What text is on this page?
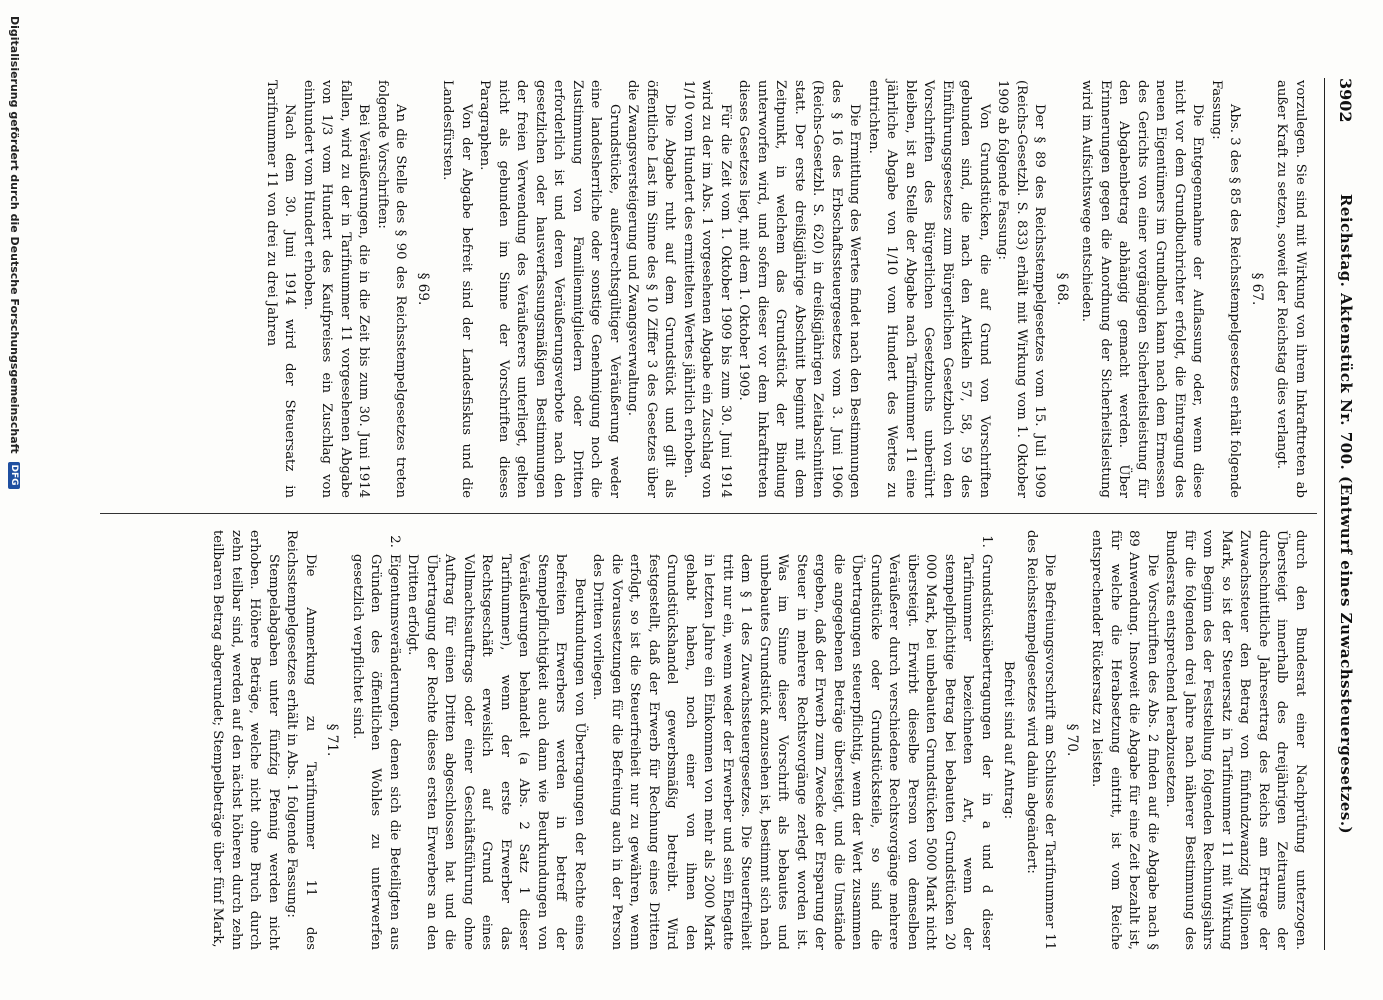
3902
Reichstag. Aktenstück Nr. 700. (Entwurf eines Zuwachssteuergesetzes.)

vorzulegen. Sie sind mit Wirkung von ihrem Inkrafttreten ab außer Kraft zu setzen, soweit der Reichstag dies verlangt.

§ 67.

Abs. 3 des § 85 des Reichsstempelgesetzes erhält folgende Fassung:

Die Entgegennahme der Auflassung oder, wenn diese nicht vor dem Grundbuchrichter erfolgt, die Eintragung des neuen Eigentümers im Grundbuch kann nach dem Ermessen des Gerichts von einer vorgängigen Sicherheitsleistung für den Abgabenbetrag abhängig gemacht werden. Über Erinnerungen gegen die Anordnung der Sicherheitsleistung wird im Aufsichtswege entschieden.

§ 68.

Der § 89 des Reichsstempelgesetzes vom 15. Juli 1909 (Reichs-Gesetzbl. S. 833) erhält mit Wirkung vom 1. Oktober 1909 ab folgende Fassung:

Von Grundstücken, die auf Grund von Vorschriften gebunden sind, die nach den Artikeln 57, 58, 59 des Einführungsgesetzes zum Bürgerlichen Gesetzbuch von den Vorschriften des Bürgerlichen Gesetzbuchs unberührt bleiben, ist an Stelle der Abgabe nach Tarifnummer 11 eine jährliche Abgabe von 1/10 vom Hundert des Wertes zu entrichten.

Die Ermittlung des Wertes findet nach den Bestimmungen des § 16 des Erbschaftssteuergesetzes vom 3. Juni 1906 (Reichs-Gesetzbl. S. 620) in dreißigjährigen Zeitabschnitten statt. Der erste dreißigjährige Abschnitt beginnt mit dem Zeitpunkt, in welchem das Grundstück der Bindung unterworfen wird, und sofern dieser vor dem Inkrafttreten dieses Gesetzes liegt, mit dem 1. Oktober 1909.

Für die Zeit vom 1. Oktober 1909 bis zum 30. Juni 1914 wird zu der im Abs. 1 vorgesehenen Abgabe ein Zuschlag von 1/10 vom Hundert des ermittelten Wertes jährlich erhoben.

Die Abgabe ruht auf dem Grundstück und gilt als öffentliche Last im Sinne des § 10 Ziffer 3 des Gesetzes über die Zwangsversteigerung und Zwangsverwaltung.

Grundstücke, außerrechtsgültiger Veräußerung weder eine landesherrliche oder sonstige Genehmigung noch die Zustimmung von Familienmitgliedern oder Dritten erforderlich ist und deren Veräußerungsverbote nach den gesetzlichen oder hausverfassungsmäßigen Bestimmungen der freien Verwendung des Veräußerers unterliegt, gelten nicht als gebunden im Sinne der Vorschriften dieses Paragraphen.

Von der Abgabe befreit sind der Landesfiskus und die Landesfürsten.

§ 69.

An die Stelle des § 90 des Reichsstempelgesetzes treten folgende Vorschriften:

Bei Veräußerungen, die in die Zeit bis zum 30. Juni 1914 fallen, wird zu der in Tarifnummer 11 vorgesehenen Abgabe von 1/3 vom Hundert des Kaufpreises ein Zuschlag von einhundert vom Hundert erhoben.

Nach dem 30. Juni 1914 wird der Steuersatz in Tarifnummer 11 von drei zu drei Jahren

durch den Bundesrat einer Nachprüfung unterzogen. Übersteigt innerhalb des dreijährigen Zeitraums der durchschnittliche Jahresertrag des Reichs am Ertrage der Zuwachssteuer den Betrag von fünfundzwanzig Millionen Mark, so ist der Steuersatz in Tarifnummer 11 mit Wirkung vom Beginn des der Feststellung folgenden Rechnungsjahrs für die folgenden drei Jahre nach näherer Bestimmung des Bundesrats entsprechend herabzusetzen.

Die Vorschriften des Abs. 2 finden auf die Abgabe nach § 89 Anwendung. Insoweit die Abgabe für eine Zeit bezahlt ist, für welche die Herabsetzung eintritt, ist vom Reiche entsprechender Rückersatz zu leisten.

§ 70.

Die Befreiungsvorschrift am Schlusse der Tarifnummer 11 des Reichsstempelgesetzes wird dahin abgeändert:

Befreit sind auf Antrag:

1. Grundstücksübertragungen der in a und d dieser Tarifnummer bezeichneten Art, wenn der stempelpflichtige Betrag bei bebauten Grundstücken 20 000 Mark, bei unbebauten Grundstücken 5000 Mark nicht übersteigt. Erwirbt dieselbe Person von demselben Veräußerer durch verschiedene Rechtsvorgänge mehrere Grundstücke oder Grundstücksteile, so sind die Übertragungen steuerpflichtig, wenn der Wert zusammen die angegebenen Beträge übersteigt, und die Umstände ergeben, daß der Erwerb zum Zwecke der Ersparung der Steuer in mehrere Rechtsvorgänge zerlegt worden ist. Was im Sinne dieser Vorschrift als bebautes und unbebautes Grundstück anzusehen ist, bestimmt sich nach dem § 1 des Zuwachssteuergesetzes. Die Steuerfreiheit tritt nur ein, wenn weder der Erwerber und sein Ehegatte in letzten Jahre ein Einkommen von mehr als 2000 Mark gehabt haben, noch einer von ihnen den Grundstückshandel gewerbsmäßig betreibt. Wird festgestellt, daß der Erwerb für Rechnung eines Dritten erfolgt, so ist die Steuerfreiheit nur zu gewähren, wenn die Voraussetzungen für die Befreiung auch in der Person des Dritten vorliegen.

Beurkundungen von Übertragungen der Rechte eines befreiten Erwerbers werden in betreff der Stempelpflichtigkeit auch dann wie Beurkundungen von Veräußerungen behandelt (a Abs. 2 Satz 1 dieser Tarifnummer), wenn der erste Erwerber das Rechtsgeschäft erweislich auf Grund eines Vollmachtsauftrags oder einer Geschäftsführung ohne Auftrag für einen Dritten abgeschlossen hat und die Übertragung der Rechte dieses ersten Erwerbers an den Dritten erfolgt.

2. Eigentumsveränderungen, denen sich die Beteiligten aus Gründen des öffentlichen Wohles zu unterwerfen gesetzlich verpflichtet sind.
§ 71.

Die Anmerkung zu Tarifnummer 11 des Reichsstempelgesetzes erhält in Abs. 1 folgende Fassung:

Stempelabgaben unter fünfzig Pfennig werden nicht erhoben. Höhere Beträge, welche nicht ohne Bruch durch zehn teilbar sind, werden auf den nächst höheren durch zehn teilbaren Betrag abgerundet; Stempelbeträge über fünf Mark,

Digitalisierung gefördert durch die Deutsche Forschungsgemeinschaft DFG
